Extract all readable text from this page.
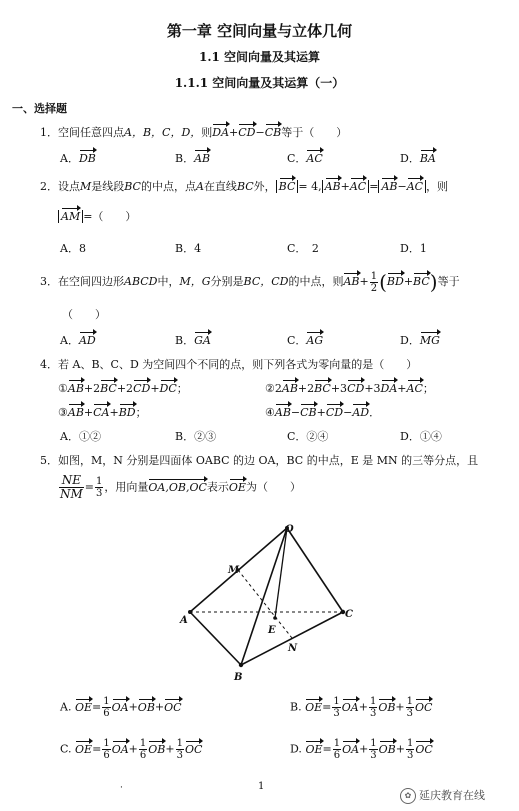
第一章 空间向量与立体几何
1.1 空间向量及其运算
1.1.1 空间向量及其运算（一）
一、选择题
1．空间任意四点A，B，C，D，则DA+CD−CB等于（　　）
A．DB	B．AB	C．AC	D．BA
2．设点M是线段BC的中点，点A在直线BC外， BC = 4, AB+AC = AB−AC ，则
AM =（　　）
A．8	B．4	C．　2	D．1
3．在空间四边形ABCD中，M，G分别是BC，CD的中点，则$AB+ \frac{1}{2} (BD+BC)$等于
（　　）
A．AD	B．GA	C．AG	D．MG
4．若 A、B、C、D 为空间四个不同的点，则下列各式为零向量的是（　　）
①AB+2BC+2CD+DC；	②2AB+2BC+3CD+3DA+AC；
③AB+CA+BD；	④AB−CB+CD−AD．
A．①②	B．②③	C．②④	D．①④
5．如图，M，N 分别是四面体 OABC 的边 OA，BC 的中点，E 是 MN 的三等分点，且
$\frac{NE}{NM} = \frac{1}{3}$ ，用向量OA,OB,OC表示OE为（　　）
O
M
A
E
C
N
B
A. $OE= \frac{1}{6} OA+OB+OC$	B. $OE= \frac{1}{3} OA+ \frac{1}{3} OB+ \frac{1}{3}$ OC
C. $OE= \frac{1}{6} OA+ \frac{1}{6} OB+ \frac{1}{3}$ OC	D. $OE= \frac{1}{6} OA+ \frac{1}{3} OB+ \frac{1}{3}$ OC
·	1
✿ 延庆教育在线
